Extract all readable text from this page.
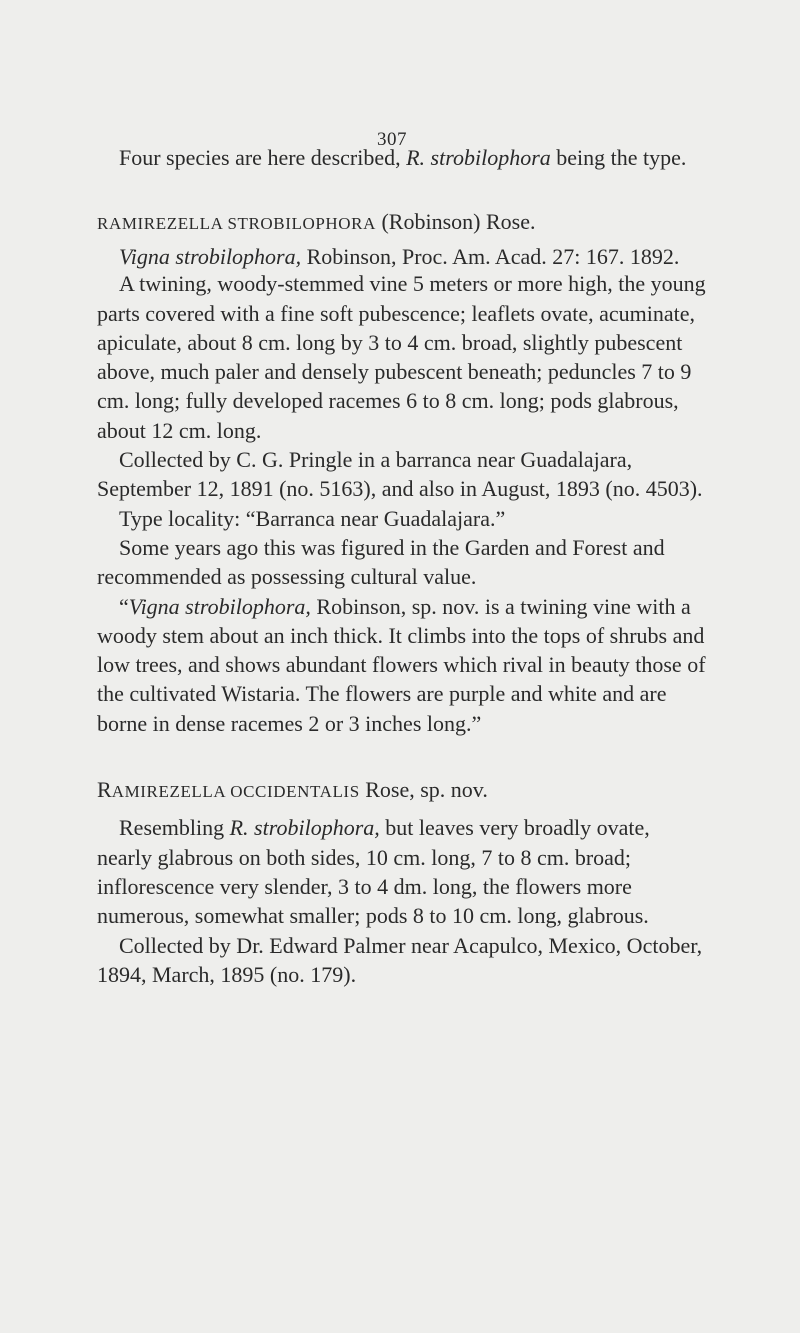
307

Four species are here described, R. strobilophora being the type.

RAMIREZELLA STROBILOPHORA (Robinson) Rose.

Vigna strobilophora, Robinson, Proc. Am. Acad. 27: 167. 1892.

A twining, woody-stemmed vine 5 meters or more high, the young parts covered with a fine soft pubescence; leaflets ovate, acuminate, apiculate, about 8 cm. long by 3 to 4 cm. broad, slightly pubescent above, much paler and densely pubescent beneath; peduncles 7 to 9 cm. long; fully developed racemes 6 to 8 cm. long; pods glabrous, about 12 cm. long.

Collected by C. G. Pringle in a barranca near Guadalajara, September 12, 1891 (no. 5163), and also in August, 1893 (no. 4503).

Type locality: “Barranca near Guadalajara.”

Some years ago this was figured in the Garden and Forest and recommended as possessing cultural value.

“Vigna strobilophora, Robinson, sp. nov. is a twining vine with a woody stem about an inch thick. It climbs into the tops of shrubs and low trees, and shows abundant flowers which rival in beauty those of the cultivated Wistaria. The flowers are purple and white and are borne in dense racemes 2 or 3 inches long.”

RAMIREZELLA OCCIDENTALIS Rose, sp. nov.

Resembling R. strobilophora, but leaves very broadly ovate, nearly glabrous on both sides, 10 cm. long, 7 to 8 cm. broad; inflorescence very slender, 3 to 4 dm. long, the flowers more numerous, somewhat smaller; pods 8 to 10 cm. long, glabrous.

Collected by Dr. Edward Palmer near Acapulco, Mexico, October, 1894, March, 1895 (no. 179).
